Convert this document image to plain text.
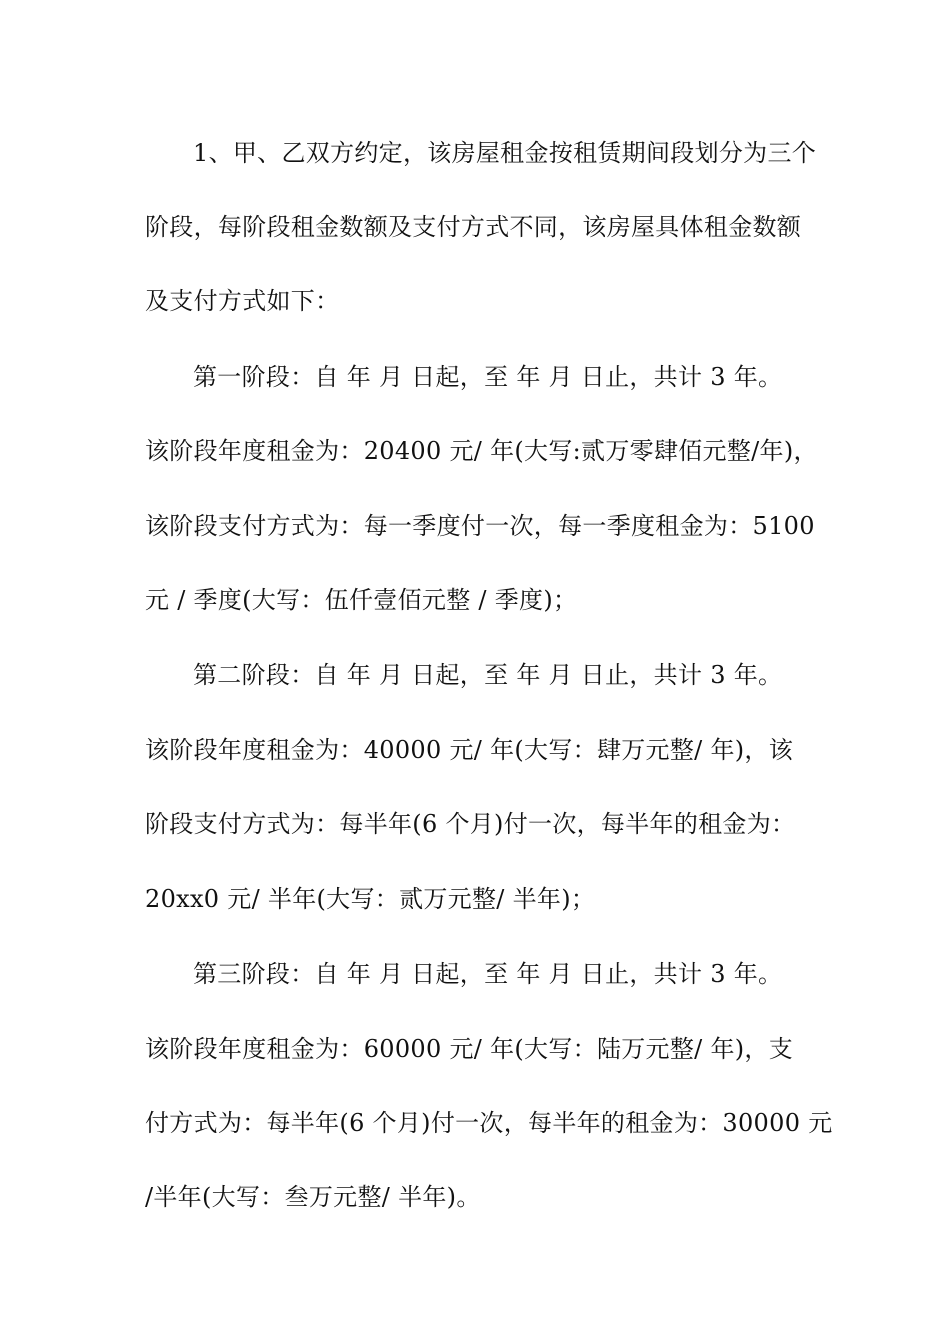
1、甲、乙双方约定，该房屋租金按租赁期间段划分为三个
阶段，每阶段租金数额及支付方式不同，该房屋具体租金数额
及支付方式如下：
第一阶段：自 年 月 日起，至 年 月 日止，共计 3 年。
该阶段年度租金为：20400 元/ 年(大写:贰万零肆佰元整/年)，
该阶段支付方式为：每一季度付一次，每一季度租金为：5100
元 / 季度(大写：伍仟壹佰元整 / 季度)；
第二阶段：自 年 月 日起，至 年 月 日止，共计 3 年。
该阶段年度租金为：40000 元/ 年(大写：肆万元整/ 年)，该
阶段支付方式为：每半年(6 个月)付一次，每半年的租金为：
20xx0 元/ 半年(大写：贰万元整/ 半年)；
第三阶段：自 年 月 日起，至 年 月 日止，共计 3 年。
该阶段年度租金为：60000 元/ 年(大写：陆万元整/ 年)，支
付方式为：每半年(6 个月)付一次，每半年的租金为：30000 元
/半年(大写：叁万元整/ 半年)。
